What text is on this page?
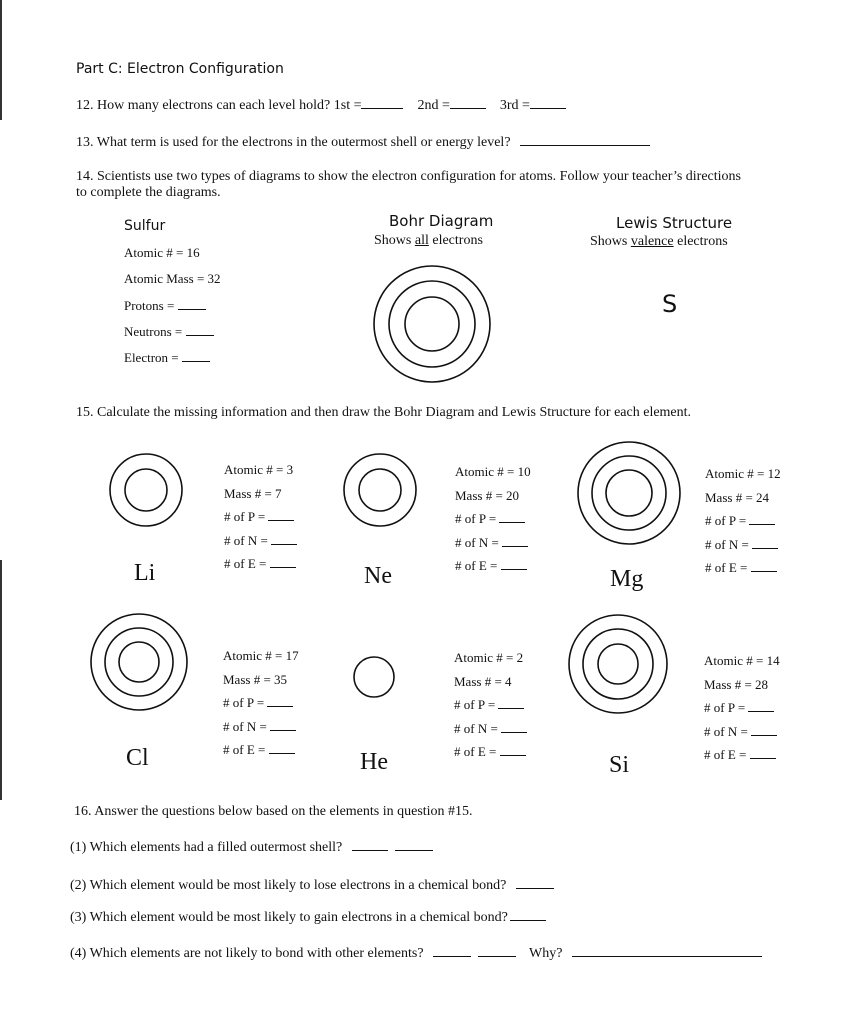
Part C: Electron Configuration
12. How many electrons can each level hold? 1st =	2nd =	3rd =
13. What term is used for the electrons in the outermost shell or energy level?
14. Scientists use two types of diagrams to show the electron configuration for atoms. Follow your teacher’s directions
to complete the diagrams.
Sulfur
Atomic # = 16
Atomic Mass = 32
Protons =
Neutrons =
Electron =
Bohr Diagram
Shows all electrons
Lewis Structure
Shows valence electrons
S
15. Calculate the missing information and then draw the Bohr Diagram and Lewis Structure for each element.
Li	Ne	Mg
Cl	He	Si
Atomic # = 3
Mass # = 7
# of P =
# of N =
# of E =
Atomic # = 10
Mass # = 20
# of P =
# of N =
# of E =
Atomic # = 12
Mass # = 24
# of P =
# of N =
# of E =
Atomic # = 17
Mass # = 35
# of P =
# of N =
# of E =
Atomic # = 2
Mass # = 4
# of P =
# of N =
# of E =
Atomic # = 14
Mass # = 28
# of P =
# of N =
# of E =
16. Answer the questions below based on the elements in question #15.
(1) Which elements had a filled outermost shell?
(2) Which element would be most likely to lose electrons in a chemical bond?
(3) Which element would be most likely to gain electrons in a chemical bond?
(4) Which elements are not likely to bond with other elements?	Why?
